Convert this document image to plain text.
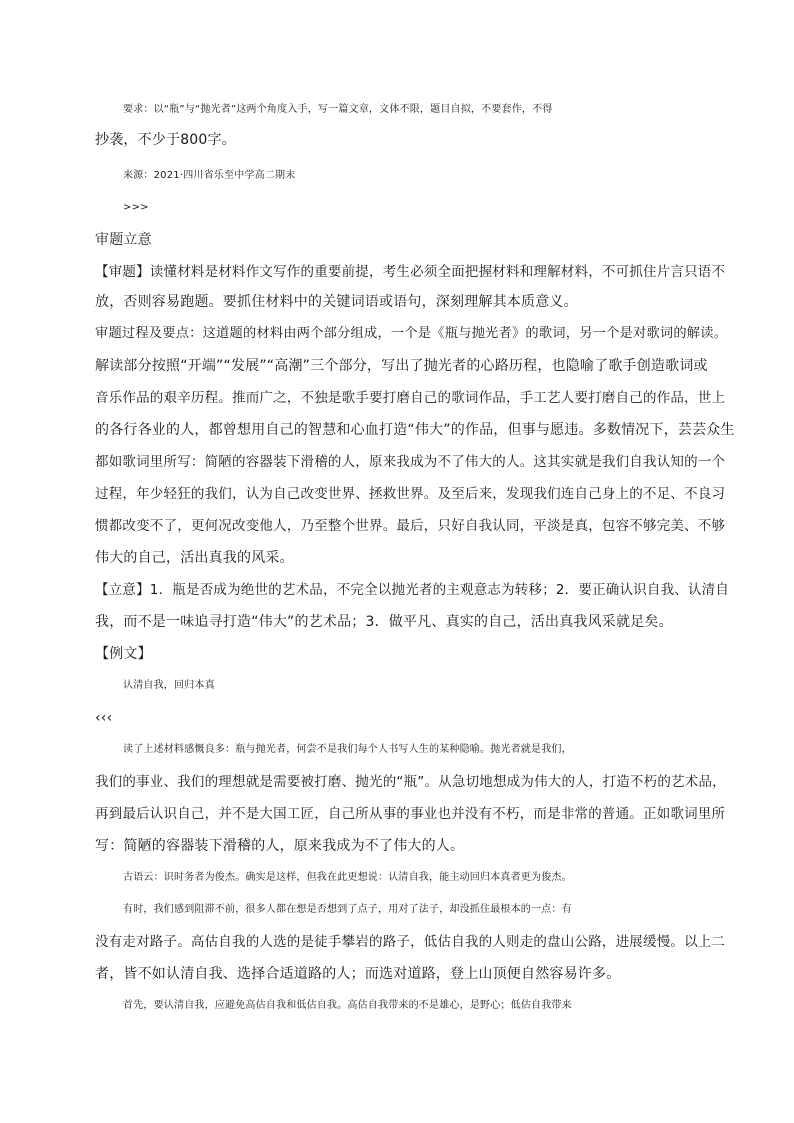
要求：以“瓶”与“抛光者”这两个角度入手，写一篇文章，文体不限，题目自拟，不要套作，不得
抄袭，不少于800字。
来源：2021·四川省乐至中学高二期末
>>>
审题立意
【审题】读懂材料是材料作文写作的重要前提，考生必须全面把握材料和理解材料，不可抓住片言只语不
放，否则容易跑题。要抓住材料中的关键词语或语句，深刻理解其本质意义。
审题过程及要点：这道题的材料由两个部分组成，一个是《瓶与抛光者》的歌词，另一个是对歌词的解读。
解读部分按照“开端”“发展”“高潮”三个部分，写出了抛光者的心路历程，也隐喻了歌手创造歌词或
音乐作品的艰辛历程。推而广之，不独是歌手要打磨自己的歌词作品，手工艺人要打磨自己的作品，世上
的各行各业的人，都曾想用自己的智慧和心血打造“伟大”的作品，但事与愿违。多数情况下，芸芸众生
都如歌词里所写：简陋的容器装下滑稽的人，原来我成为不了伟大的人。这其实就是我们自我认知的一个
过程，年少轻狂的我们，认为自己改变世界、拯救世界。及至后来，发现我们连自己身上的不足、不良习
惯都改变不了，更何况改变他人，乃至整个世界。最后，只好自我认同，平淡是真，包容不够完美、不够
伟大的自己，活出真我的风采。
【立意】1．瓶是否成为绝世的艺术品，不完全以抛光者的主观意志为转移；2．要正确认识自我、认清自
我，而不是一味追寻打造“伟大”的艺术品；3．做平凡、真实的自己，活出真我风采就足矣。
【例文】
认清自我，回归本真
‹‹‹
读了上述材料感慨良多：瓶与抛光者，何尝不是我们每个人书写人生的某种隐喻。抛光者就是我们，
我们的事业、我们的理想就是需要被打磨、抛光的“瓶”。从急切地想成为伟大的人，打造不朽的艺术品，
再到最后认识自己，并不是大国工匠，自己所从事的事业也并没有不朽，而是非常的普通。正如歌词里所
写：简陋的容器装下滑稽的人，原来我成为不了伟大的人。
古语云：识时务者为俊杰。确实是这样，但我在此更想说：认清自我，能主动回归本真者更为俊杰。
有时，我们感到阻滞不前，很多人都在想是否想到了点子，用对了法子，却没抓住最根本的一点：有
没有走对路子。高估自我的人选的是徒手攀岩的路子，低估自我的人则走的盘山公路，进展缓慢。以上二
者，皆不如认清自我、选择合适道路的人；而选对道路，登上山顶便自然容易许多。
首先，要认清自我，应避免高估自我和低估自我。高估自我带来的不是雄心，是野心；低估自我带来
